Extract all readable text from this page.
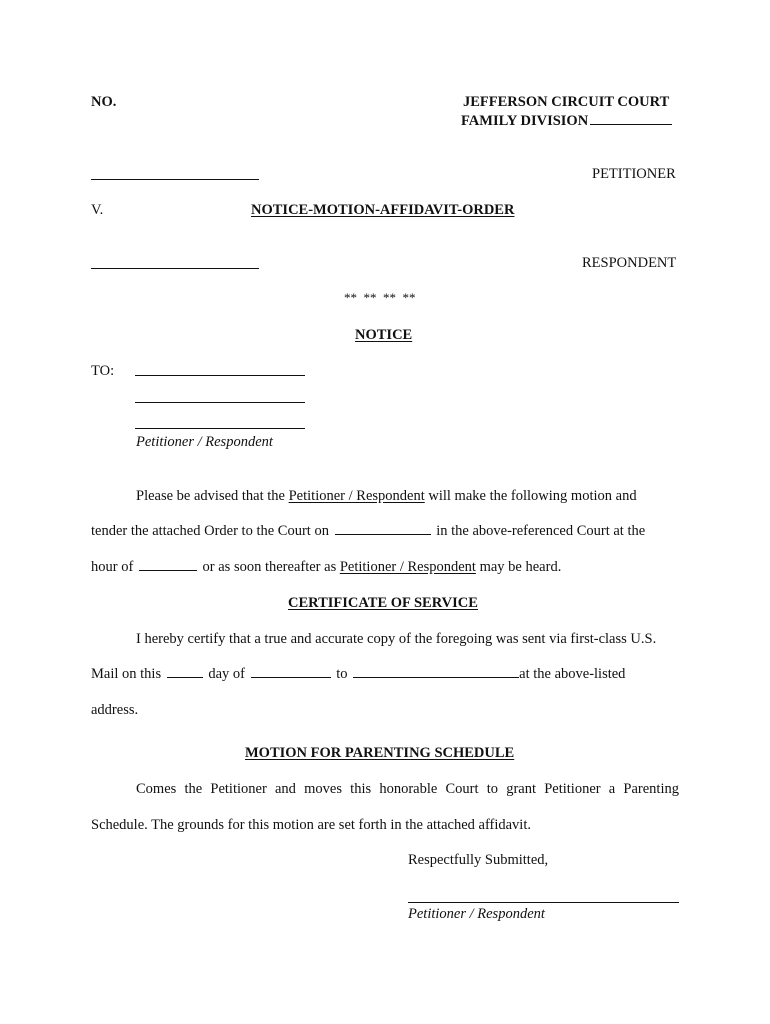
NO.	JEFFERSON CIRCUIT COURT
FAMILY DIVISION
PETITIONER
V.	NOTICE-MOTION-AFFIDAVIT-ORDER
RESPONDENT
**  **  **  **
NOTICE
TO:
Petitioner / Respondent
Please be advised that the Petitioner / Respondent will make the following motion and
tender the attached Order to the Court on	in the above-referenced Court at the
hour of	or as soon thereafter as Petitioner / Respondent may be heard.
CERTIFICATE OF SERVICE
I hereby certify that a true and accurate copy of the foregoing was sent via first-class U.S.
Mail on this	day of	to	at the above-listed
address.
MOTION FOR PARENTING SCHEDULE
Comes the Petitioner and moves this honorable Court to grant Petitioner a Parenting
Schedule. The grounds for this motion are set forth in the attached affidavit.
Respectfully Submitted,
Petitioner / Respondent
